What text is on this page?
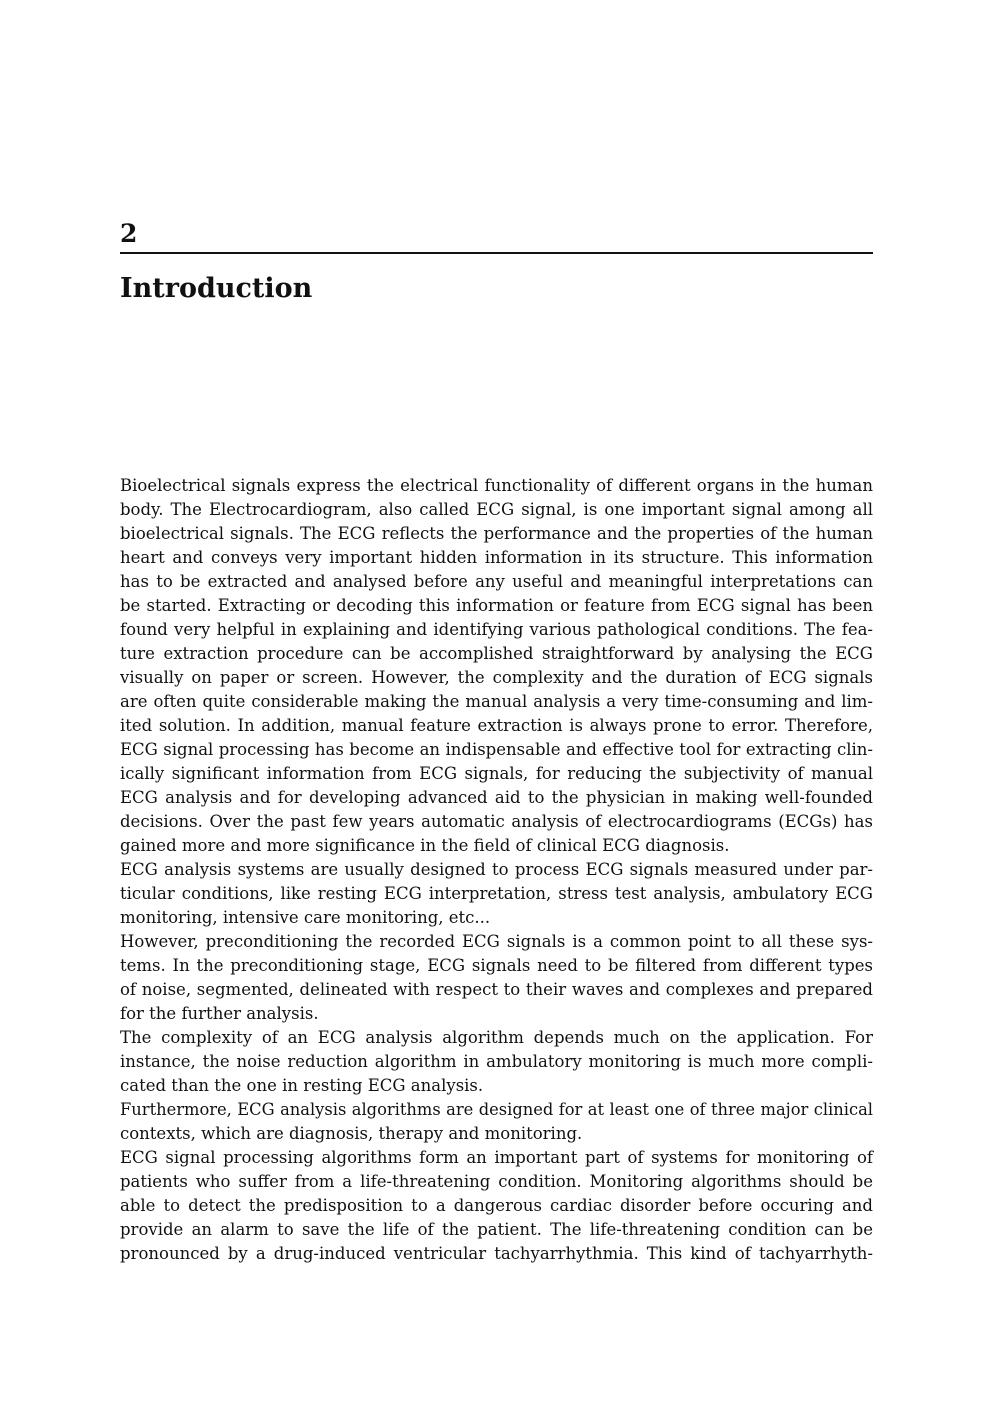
2
Introduction
Bioelectrical signals express the electrical functionality of different organs in the human
body. The Electrocardiogram, also called ECG signal, is one important signal among all
bioelectrical signals. The ECG reflects the performance and the properties of the human
heart and conveys very important hidden information in its structure. This information
has to be extracted and analysed before any useful and meaningful interpretations can
be started. Extracting or decoding this information or feature from ECG signal has been
found very helpful in explaining and identifying various pathological conditions. The fea-
ture extraction procedure can be accomplished straightforward by analysing the ECG
visually on paper or screen. However, the complexity and the duration of ECG signals
are often quite considerable making the manual analysis a very time-consuming and lim-
ited solution. In addition, manual feature extraction is always prone to error. Therefore,
ECG signal processing has become an indispensable and effective tool for extracting clin-
ically significant information from ECG signals, for reducing the subjectivity of manual
ECG analysis and for developing advanced aid to the physician in making well-founded
decisions. Over the past few years automatic analysis of electrocardiograms (ECGs) has
gained more and more significance in the field of clinical ECG diagnosis.
ECG analysis systems are usually designed to process ECG signals measured under par-
ticular conditions, like resting ECG interpretation, stress test analysis, ambulatory ECG
monitoring, intensive care monitoring, etc...
However, preconditioning the recorded ECG signals is a common point to all these sys-
tems. In the preconditioning stage, ECG signals need to be filtered from different types
of noise, segmented, delineated with respect to their waves and complexes and prepared
for the further analysis.
The complexity of an ECG analysis algorithm depends much on the application. For
instance, the noise reduction algorithm in ambulatory monitoring is much more compli-
cated than the one in resting ECG analysis.
Furthermore, ECG analysis algorithms are designed for at least one of three major clinical
contexts, which are diagnosis, therapy and monitoring.
ECG signal processing algorithms form an important part of systems for monitoring of
patients who suffer from a life-threatening condition. Monitoring algorithms should be
able to detect the predisposition to a dangerous cardiac disorder before occuring and
provide an alarm to save the life of the patient. The life-threatening condition can be
pronounced by a drug-induced ventricular tachyarrhythmia. This kind of tachyarrhyth-
